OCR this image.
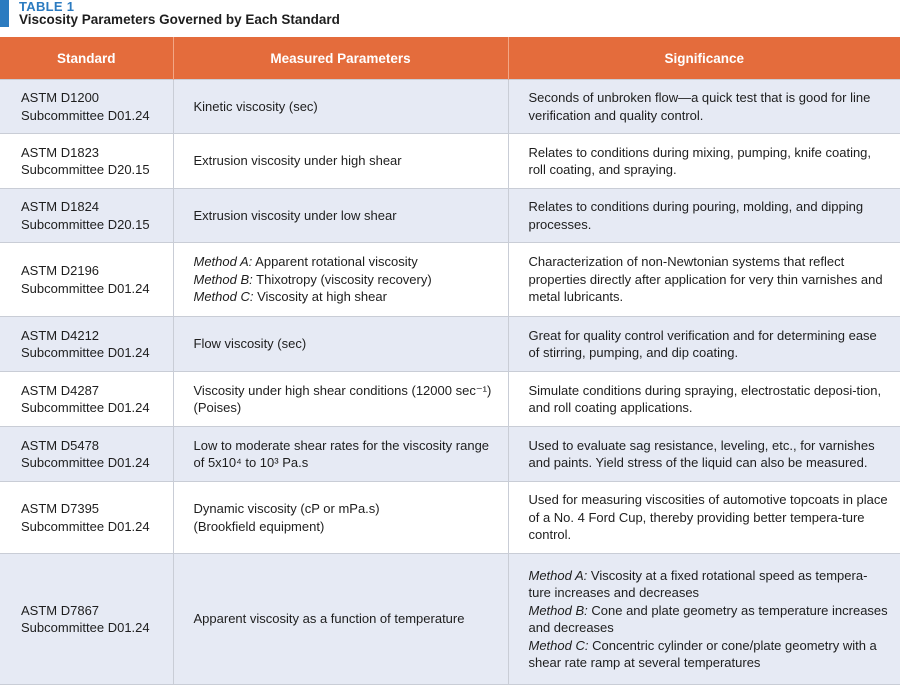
TABLE 1
Viscosity Parameters Governed by Each Standard
Standard	Measured Parameters	Significance

ASTM D1200
Subcommittee D01.24	Kinetic viscosity (sec)	Seconds of unbroken flow—a quick test that is good for line verification and quality control.

ASTM D1823
Subcommittee D20.15	Extrusion viscosity under high shear	Relates to conditions during mixing, pumping, knife coating, roll coating, and spraying.

ASTM D1824
Subcommittee D20.15	Extrusion viscosity under low shear	Relates to conditions during pouring, molding, and dipping processes.

ASTM D2196
Subcommittee D01.24	Method A: Apparent rotational viscosity
Method B: Thixotropy (viscosity recovery)
Method C: Viscosity at high shear	Characterization of non-Newtonian systems that reflect properties directly after application for very thin varnishes and metal lubricants.

ASTM D4212
Subcommittee D01.24	Flow viscosity (sec)	Great for quality control verification and for determining ease of stirring, pumping, and dip coating.

ASTM D4287
Subcommittee D01.24	Viscosity under high shear conditions (12000 sec⁻¹) (Poises)	Simulate conditions during spraying, electrostatic deposi-tion, and roll coating applications.

ASTM D5478
Subcommittee D01.24	Low to moderate shear rates for the viscosity range of 5x10⁴ to 10³ Pa.s	Used to evaluate sag resistance, leveling, etc., for varnishes and paints. Yield stress of the liquid can also be measured.

ASTM D7395
Subcommittee D01.24	Dynamic viscosity (cP or mPa.s)
(Brookfield equipment)	Used for measuring viscosities of automotive topcoats in place of a No. 4 Ford Cup, thereby providing better tempera-ture control.

ASTM D7867
Subcommittee D01.24	Apparent viscosity as a function of temperature	Method A: Viscosity at a fixed rotational speed as tempera-ture increases and decreases
Method B: Cone and plate geometry as temperature increases and decreases
Method C: Concentric cylinder or cone/plate geometry with a shear rate ramp at several temperatures
